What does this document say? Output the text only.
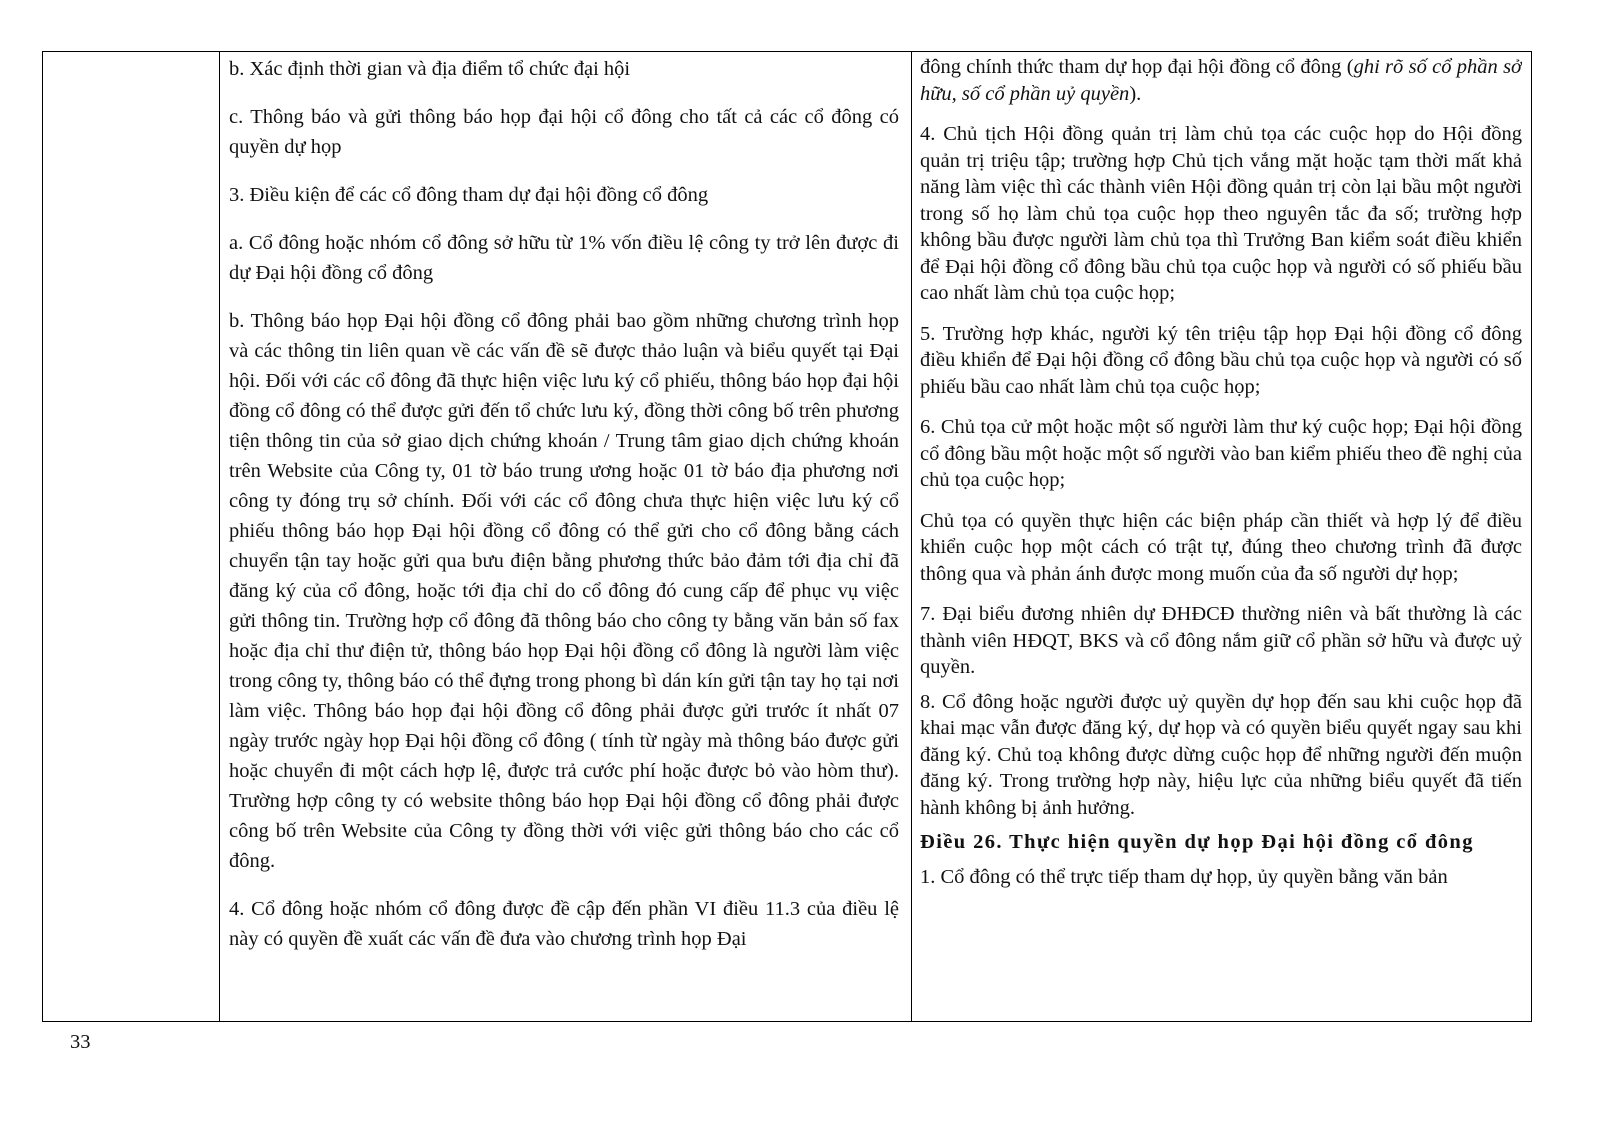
b. Xác định thời gian và địa điểm tổ chức đại hội

c. Thông báo và gửi thông báo họp đại hội cổ đông cho tất cả các cổ đông có quyền dự họp

3. Điều kiện để các cổ đông tham dự đại hội đồng cổ đông

a. Cổ đông hoặc nhóm cổ đông sở hữu từ 1% vốn điều lệ công ty trở lên được đi dự Đại hội đồng cổ đông

b. Thông báo họp Đại hội đồng cổ đông phải bao gồm những chương trình họp và các thông tin liên quan về các vấn đề sẽ được thảo luận và biểu quyết tại Đại hội. Đối với các cổ đông đã thực hiện việc lưu ký cổ phiếu, thông báo họp đại hội đồng cổ đông có thể được gửi đến tổ chức lưu ký, đồng thời công bố trên phương tiện thông tin của sở giao dịch chứng khoán / Trung tâm giao dịch chứng khoán trên Website của Công ty, 01 tờ báo trung ương hoặc 01 tờ báo địa phương nơi công ty đóng trụ sở chính. Đối với các cổ đông chưa thực hiện việc lưu ký cổ phiếu thông báo họp Đại hội đồng cổ đông có thể gửi cho cổ đông bằng cách chuyển tận tay hoặc gửi qua bưu điện bằng phương thức bảo đảm tới địa chỉ đã đăng ký của cổ đông, hoặc tới địa chỉ do cổ đông đó cung cấp để phục vụ việc gửi thông tin. Trường hợp cổ đông đã thông báo cho công ty bằng văn bản số fax hoặc địa chỉ thư điện tử, thông báo họp Đại hội đồng cổ đông là người làm việc trong công ty, thông báo có thể đựng trong phong bì dán kín gửi tận tay họ tại nơi làm việc. Thông báo họp đại hội đồng cổ đông phải được gửi trước ít nhất 07 ngày trước ngày họp Đại hội đồng cổ đông ( tính từ ngày mà thông báo được gửi hoặc chuyển đi một cách hợp lệ, được trả cước phí hoặc được bỏ vào hòm thư). Trường hợp công ty có website thông báo họp Đại hội đồng cổ đông phải được công bố trên Website của Công ty đồng thời với việc gửi thông báo cho các cổ đông.

4. Cổ đông hoặc nhóm cổ đông được đề cập đến phần VI điều 11.3 của điều lệ này có quyền đề xuất các vấn đề đưa vào chương trình họp Đại

đông chính thức tham dự họp đại hội đồng cổ đông (ghi rõ số cổ phần sở hữu, số cổ phần uỷ quyền).

4. Chủ tịch Hội đồng quản trị làm chủ tọa các cuộc họp do Hội đồng quản trị triệu tập; trường hợp Chủ tịch vắng mặt hoặc tạm thời mất khả năng làm việc thì các thành viên Hội đồng quản trị còn lại bầu một người trong số họ làm chủ tọa cuộc họp theo nguyên tắc đa số; trường hợp không bầu được người làm chủ tọa thì Trưởng Ban kiểm soát điều khiển để Đại hội đồng cổ đông bầu chủ tọa cuộc họp và người có số phiếu bầu cao nhất làm chủ tọa cuộc họp;

5. Trường hợp khác, người ký tên triệu tập họp Đại hội đồng cổ đông điều khiển để Đại hội đồng cổ đông bầu chủ tọa cuộc họp và người có số phiếu bầu cao nhất làm chủ tọa cuộc họp;

6. Chủ tọa cử một hoặc một số người làm thư ký cuộc họp; Đại hội đồng cổ đông bầu một hoặc một số người vào ban kiểm phiếu theo đề nghị của chủ tọa cuộc họp;

Chủ tọa có quyền thực hiện các biện pháp cần thiết và hợp lý để điều khiển cuộc họp một cách có trật tự, đúng theo chương trình đã được thông qua và phản ánh được mong muốn của đa số người dự họp;

7. Đại biểu đương nhiên dự ĐHĐCĐ thường niên và bất thường là các thành viên HĐQT, BKS và cổ đông nắm giữ cổ phần sở hữu và được uỷ quyền.

8. Cổ đông hoặc người được uỷ quyền dự họp đến sau khi cuộc họp đã khai mạc vẫn được đăng ký, dự họp và có quyền biểu quyết ngay sau khi đăng ký. Chủ toạ không được dừng cuộc họp để những người đến muộn đăng ký. Trong trường hợp này, hiệu lực của những biểu quyết đã tiến hành không bị ảnh hưởng.

Điều 26. Thực hiện quyền dự họp Đại hội đồng cổ đông

1. Cổ đông có thể trực tiếp tham dự họp, ủy quyền bằng văn bản

33
